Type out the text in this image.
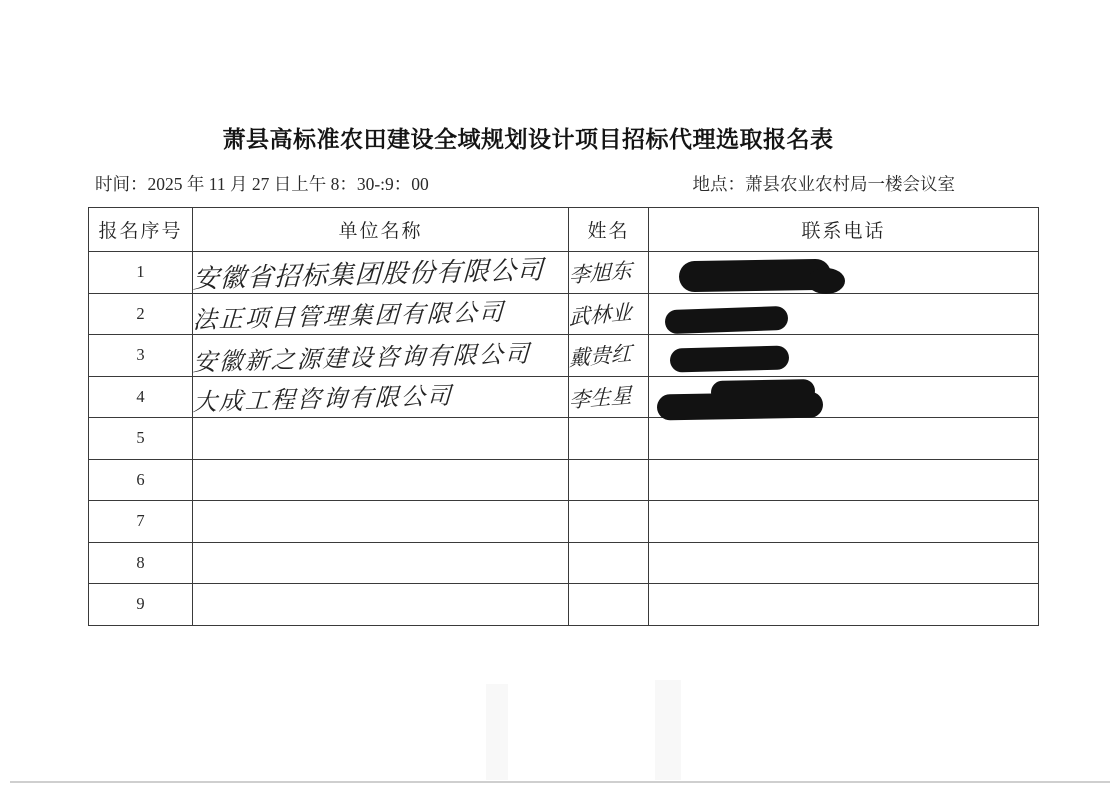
萧县高标准农田建设全域规划设计项目招标代理选取报名表
时间：2025 年 11 月 27 日上午 8：30-:9：00	地点：萧县农业农村局一楼会议室
报名序号	单位名称	姓名	联系电话
1	安徽省招标集团股份有限公司	李旭东	

2	法正项目管理集团有限公司	武林业	

3	安徽新之源建设咨询有限公司	戴贵红	

4	大成工程咨询有限公司	李生星	

5			
6			
7			
8			
9			
